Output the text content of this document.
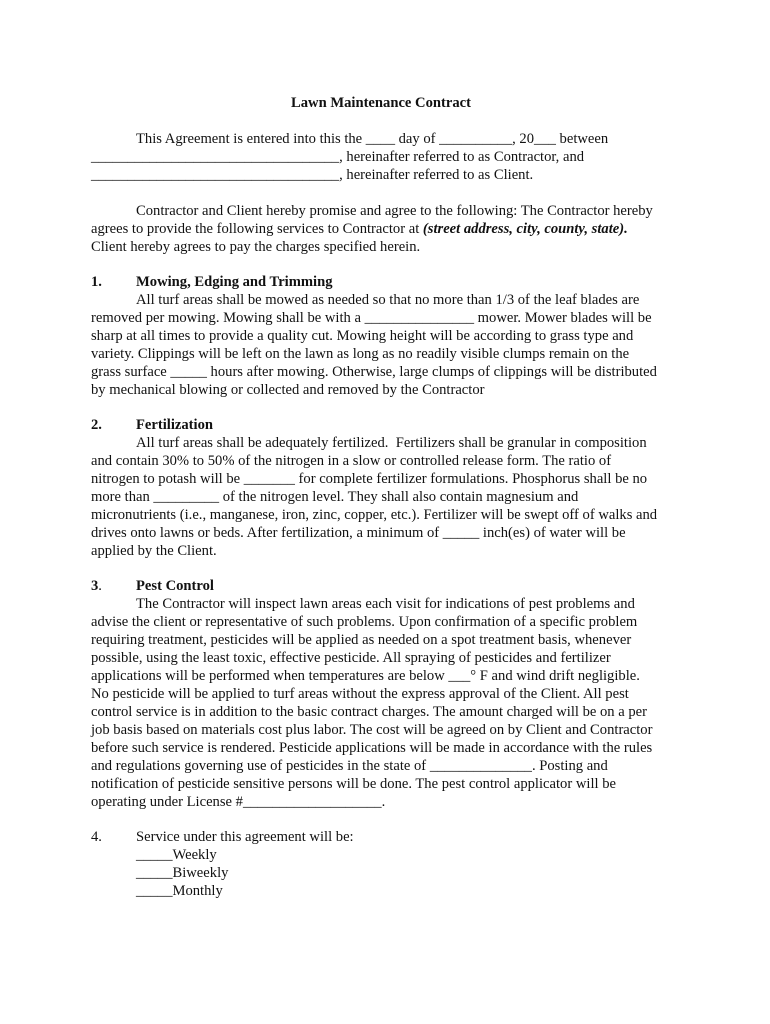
Lawn Maintenance Contract
This Agreement is entered into this the ____ day of __________, 20___ between
__________________________________, hereinafter referred to as Contractor, and
__________________________________, hereinafter referred to as Client.
Contractor and Client hereby promise and agree to the following: The Contractor hereby
agrees to provide the following services to Contractor at (street address, city, county, state).
Client hereby agrees to pay the charges specified herein.
1. Mowing, Edging and Trimming
All turf areas shall be mowed as needed so that no more than 1/3 of the leaf blades are
removed per mowing. Mowing shall be with a _______________ mower. Mower blades will be
sharp at all times to provide a quality cut. Mowing height will be according to grass type and
variety. Clippings will be left on the lawn as long as no readily visible clumps remain on the
grass surface _____ hours after mowing. Otherwise, large clumps of clippings will be distributed
by mechanical blowing or collected and removed by the Contractor
2. Fertilization
All turf areas shall be adequately fertilized.  Fertilizers shall be granular in composition
and contain 30% to 50% of the nitrogen in a slow or controlled release form. The ratio of
nitrogen to potash will be _______ for complete fertilizer formulations. Phosphorus shall be no
more than _________ of the nitrogen level. They shall also contain magnesium and
micronutrients (i.e., manganese, iron, zinc, copper, etc.). Fertilizer will be swept off of walks and
drives onto lawns or beds. After fertilization, a minimum of _____ inch(es) of water will be
applied by the Client.
3. Pest Control
The Contractor will inspect lawn areas each visit for indications of pest problems and
advise the client or representative of such problems. Upon confirmation of a specific problem
requiring treatment, pesticides will be applied as needed on a spot treatment basis, whenever
possible, using the least toxic, effective pesticide. All spraying of pesticides and fertilizer
applications will be performed when temperatures are below ___° F and wind drift negligible.
No pesticide will be applied to turf areas without the express approval of the Client. All pest
control service is in addition to the basic contract charges. The amount charged will be on a per
job basis based on materials cost plus labor. The cost will be agreed on by Client and Contractor
before such service is rendered. Pesticide applications will be made in accordance with the rules
and regulations governing use of pesticides in the state of ______________. Posting and
notification of pesticide sensitive persons will be done. The pest control applicator will be
operating under License #___________________.
4. Service under this agreement will be:
_____Weekly
_____Biweekly
_____Monthly
